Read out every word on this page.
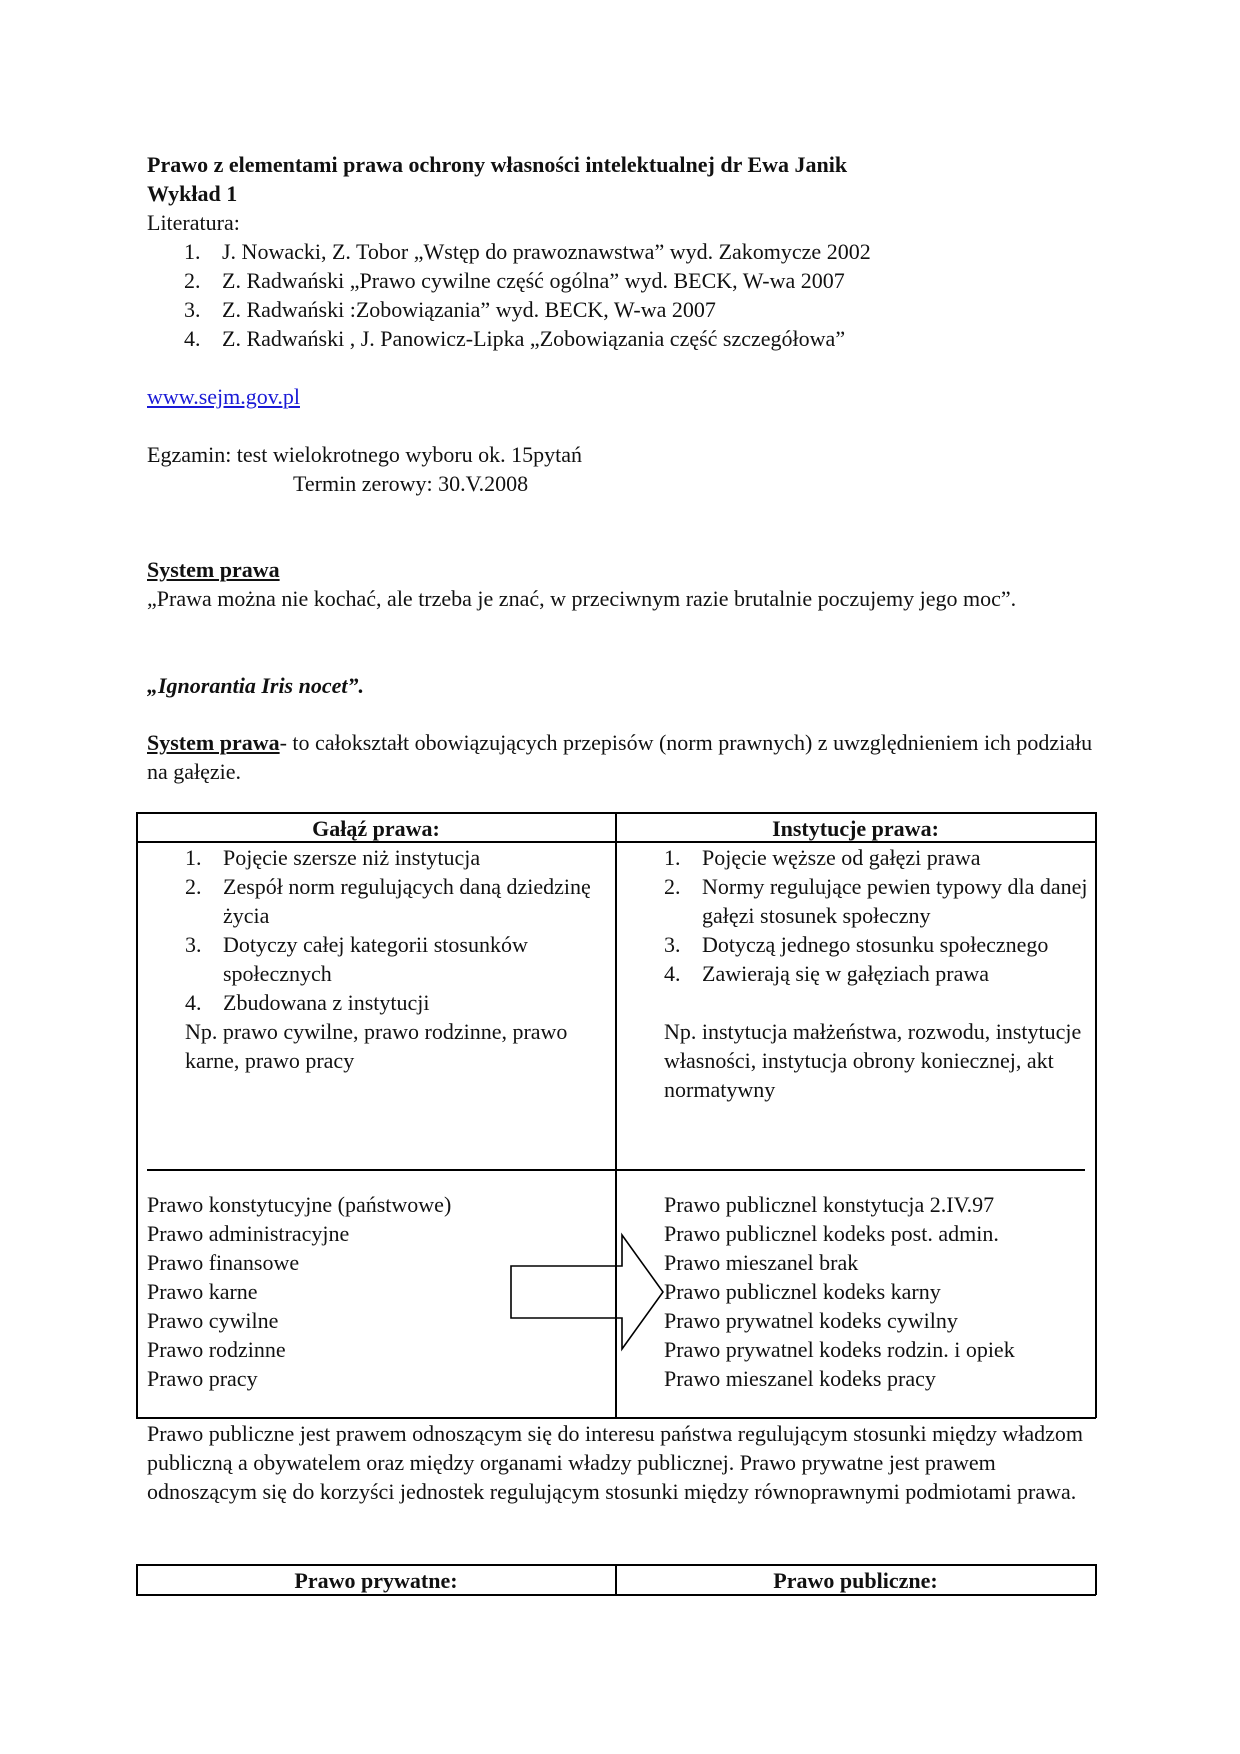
Prawo z elementami prawa ochrony własności intelektualnej dr Ewa Janik
Wykład 1
Literatura:
1. J. Nowacki, Z. Tobor „Wstęp do prawoznawstwa” wyd. Zakomycze 2002
2. Z. Radwański „Prawo cywilne część ogólna” wyd. BECK, W-wa 2007
3. Z. Radwański :Zobowiązania” wyd. BECK, W-wa 2007
4. Z. Radwański , J. Panowicz-Lipka „Zobowiązania część szczegółowa”
www.sejm.gov.pl
Egzamin: test wielokrotnego wyboru ok. 15pytań
Termin zerowy: 30.V.2008
System prawa
„Prawa można nie kochać, ale trzeba je znać, w przeciwnym razie brutalnie poczujemy jego moc”.
„Ignorantia Iris nocet”.
System prawa- to całokształt obowiązujących przepisów (norm prawnych) z uwzględnieniem ich podziału na gałęzie.
Gałąź prawa:	Instytucje prawa:
1. Pojęcie szersze niż instytucja
2. Zespół norm regulujących daną dziedzinę życia
3. Dotyczy całej kategorii stosunków społecznych
4. Zbudowana z instytucji
Np. prawo cywilne, prawo rodzinne, prawo karne, prawo pracy
1. Pojęcie węższe od gałęzi prawa
2. Normy regulujące pewien typowy dla danej gałęzi stosunek społeczny
3. Dotyczą jednego stosunku społecznego
4. Zawierają się w gałęziach prawa
Np. instytucja małżeństwa, rozwodu, instytucje własności, instytucja obrony koniecznej, akt normatywny
Prawo konstytucyjne (państwowe)
Prawo administracyjne
Prawo finansowe
Prawo karne
Prawo cywilne
Prawo rodzinne
Prawo pracy
Prawo publicznel konstytucja 2.IV.97
Prawo publicznel kodeks post. admin.
Prawo mieszanel brak
Prawo publicznel kodeks karny
Prawo prywatnel kodeks cywilny
Prawo prywatnel kodeks rodzin. i opiek
Prawo mieszanel kodeks pracy
Prawo publiczne jest prawem odnoszącym się do interesu państwa regulującym stosunki między władzom publiczną a obywatelem oraz między organami władzy publicznej. Prawo prywatne jest prawem odnoszącym się do korzyści jednostek regulującym stosunki między równoprawnymi podmiotami prawa.
Prawo prywatne:	Prawo publiczne:
